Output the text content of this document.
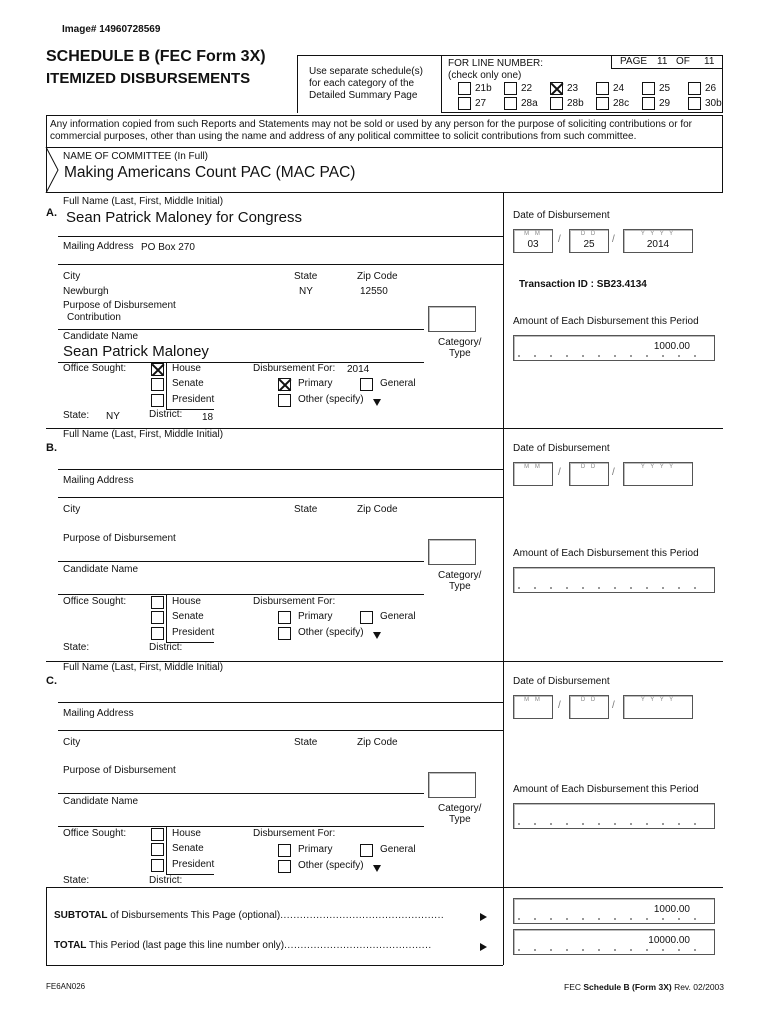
Image# 14960728569
SCHEDULE B (FEC Form 3X)
ITEMIZED DISBURSEMENTS	Use separate schedule(s) for each category of the Detailed Summary Page
FOR LINE NUMBER:
(check only one)
PAGE 11 OF 11
21b	22	23	24	25	26
27	28a	28b	28c	29	30b
Any information copied from such Reports and Statements may not be sold or used by any person for the purpose of soliciting contributions or for commercial purposes, other than using the name and address of any political committee to solicit contributions from such committee.
NAME OF COMMITTEE (In Full)
Making Americans Count PAC (MAC PAC)
Full Name (Last, First, Middle Initial)
A. Sean Patrick Maloney for Congress
Mailing Address PO Box 270
City	State	Zip Code
Newburgh	NY	12550
Purpose of Disbursement
Contribution
Candidate Name
Sean Patrick Maloney
Category/
Type
Office Sought:	House
Senate
President
State: NY	District: 18
Disbursement For: 2014
Primary	General
Other (specify)
Date of Disbursement
M M
03	/	D D
25	/	Y Y Y Y
2014
Transaction ID : SB23.4134
Amount of Each Disbursement this Period
1000.00
Full Name (Last, First, Middle Initial)
B.
Mailing Address
City	State	Zip Code
Purpose of Disbursement
Candidate Name
Category/
Type
Office Sought:	House
Senate
President
State:	District:
Disbursement For:
Primary	General
Other (specify)
Date of Disbursement
M M	/	D D	/	Y Y Y Y
Amount of Each Disbursement this Period
Full Name (Last, First, Middle Initial)
C.
Mailing Address
City	State	Zip Code
Purpose of Disbursement
Candidate Name
Category/
Type
Office Sought:	House
Senate
President
State:	District:
Disbursement For:
Primary	General
Other (specify)
Date of Disbursement
M M	/	D D	/	Y Y Y Y
Amount of Each Disbursement this Period
SUBTOTAL of Disbursements This Page (optional)..................................................
1000.00
TOTAL This Period (last page this line number only).............................................	10000.00
FE6AN026	FEC Schedule B (Form 3X) Rev. 02/2003
